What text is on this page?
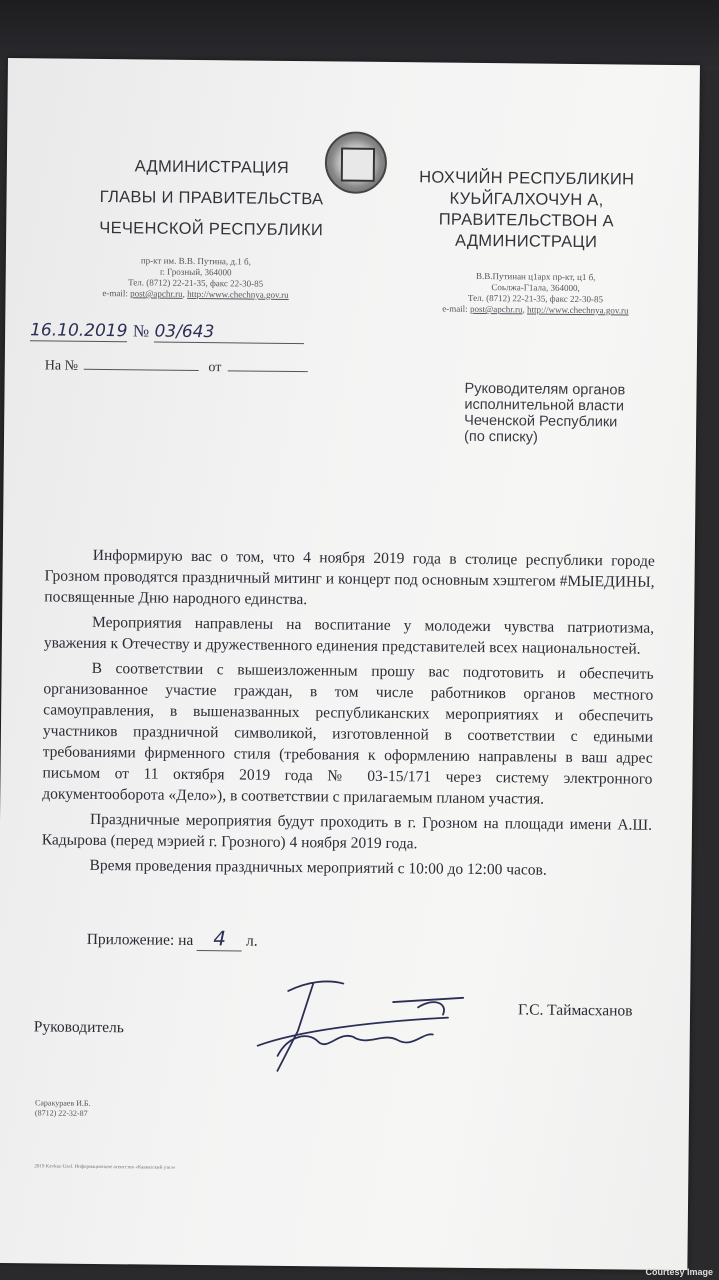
АДМИНИСТРАЦИЯ
ГЛАВЫ И ПРАВИТЕЛЬСТВА
ЧЕЧЕНСКОЙ РЕСПУБЛИКИ
НОХЧИЙН РЕСПУБЛИКИН
КУЬЙГАЛХОЧУН А,
ПРАВИТЕЛЬСТВОН А
АДМИНИСТРАЦИ
пр-кт им. В.В. Путина, д.1 б,
г. Грозный, 364000
Тел. (8712) 22-21-35, факс 22-30-85
e-mail: post@apchr.ru, http://www.chechnya.gov.ru
В.В.Путинан ц1арх пр-кт, ц1 б,
Соьлжа-Г1ала, 364000,
Тел. (8712) 22-21-35, факс 22-30-85
e-mail: post@apchr.ru, http://www.chechnya.gov.ru
16.10.2019 № 03/643
На №	от
Руководителям органов
исполнительной власти
Чеченской Республики
(по списку)

Информирую вас о том, что 4 ноября 2019 года в столице республики городе Грозном проводятся праздничный митинг и концерт под основным хэштегом #МЫЕДИНЫ, посвященные Дню народного единства.

Мероприятия направлены на воспитание у молодежи чувства патриотизма, уважения к Отечеству и дружественного единения представителей всех национальностей.

В соответствии с вышеизложенным прошу вас подготовить и обеспечить организованное участие граждан, в том числе работников органов местного самоуправления, в вышеназванных республиканских мероприятиях и обеспечить участников праздничной символикой, изготовленной в соответствии с едиными требованиями фирменного стиля (требования к оформлению направлены в ваш адрес письмом от 11 октября 2019 года № 03-15/171 через систему электронного документооборота «Дело»), в соответствии с прилагаемым планом участия.

Праздничные мероприятия будут проходить в г. Грозном на площади имени А.Ш. Кадырова (перед мэрией г. Грозного) 4 ноября 2019 года.

Время проведения праздничных мероприятий с 10:00 до 12:00 часов.

Приложение: на 4 л.
Руководитель
Г.С. Таймасханов
Саракураев И.Б.
(8712) 22-32-87
2019 Kavkaz-Uzel. Информационное агентство «Кавказский узел»
Courtesy Image
